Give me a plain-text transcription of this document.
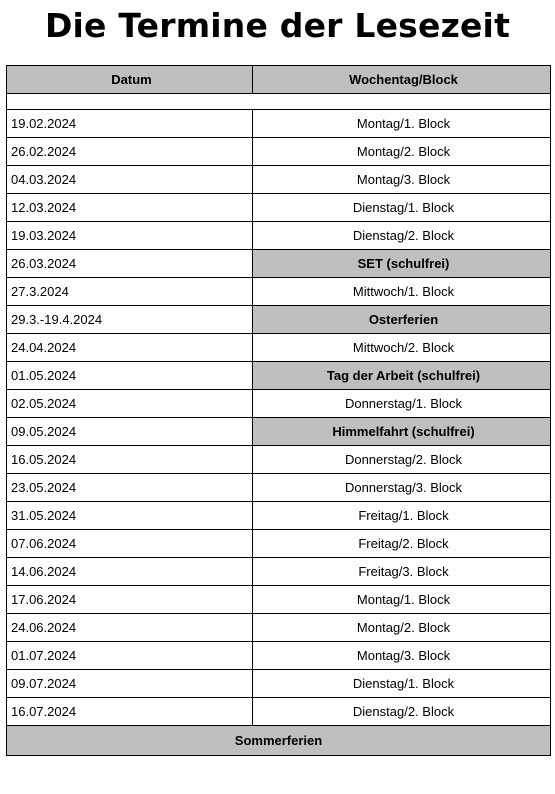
Die Termine der Lesezeit
Datum	Wochentag/Block

19.02.2024	Montag/1. Block
26.02.2024	Montag/2. Block
04.03.2024	Montag/3. Block
12.03.2024	Dienstag/1. Block
19.03.2024	Dienstag/2. Block
26.03.2024	SET (schulfrei)
27.3.2024	Mittwoch/1. Block
29.3.-19.4.2024	Osterferien
24.04.2024	Mittwoch/2. Block
01.05.2024	Tag der Arbeit (schulfrei)
02.05.2024	Donnerstag/1. Block
09.05.2024	Himmelfahrt (schulfrei)
16.05.2024	Donnerstag/2. Block
23.05.2024	Donnerstag/3. Block
31.05.2024	Freitag/1. Block
07.06.2024	Freitag/2. Block
14.06.2024	Freitag/3. Block
17.06.2024	Montag/1. Block
24.06.2024	Montag/2. Block
01.07.2024	Montag/3. Block
09.07.2024	Dienstag/1. Block
16.07.2024	Dienstag/2. Block
Sommerferien	
